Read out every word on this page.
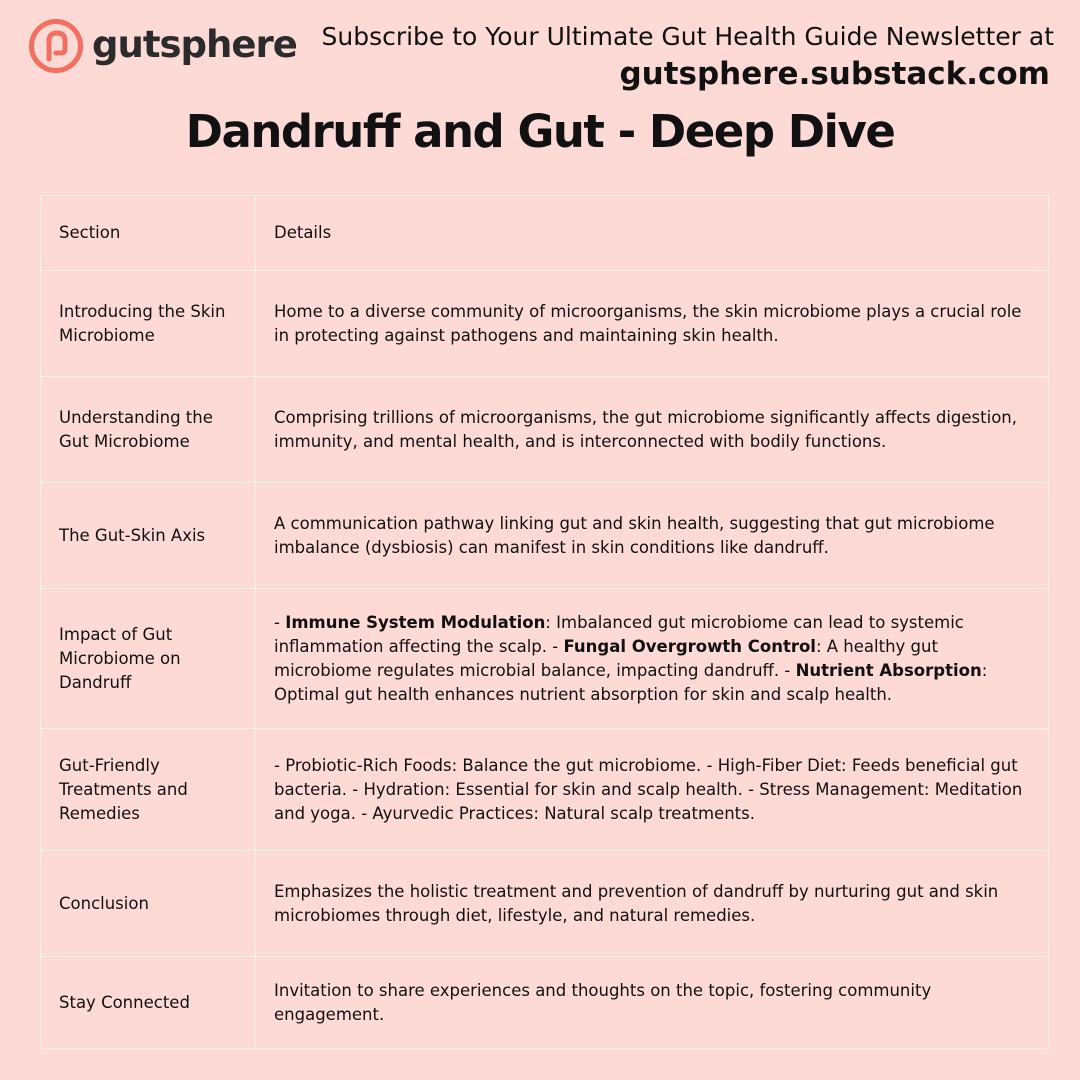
gutsphere Subscribe to Your Ultimate Gut Health Guide Newsletter at
gutsphere.substack.com
Dandruff and Gut - Deep Dive
Section	Details
Introducing the Skin Microbiome	Home to a diverse community of microorganisms, the skin microbiome plays a crucial role in protecting against pathogens and maintaining skin health.
Understanding the Gut Microbiome	Comprising trillions of microorganisms, the gut microbiome significantly affects digestion, immunity, and mental health, and is interconnected with bodily functions.
The Gut-Skin Axis	A communication pathway linking gut and skin health, suggesting that gut microbiome imbalance (dysbiosis) can manifest in skin conditions like dandruff.
Impact of Gut Microbiome on Dandruff	- Immune System Modulation: Imbalanced gut microbiome can lead to systemic inflammation affecting the scalp. - Fungal Overgrowth Control: A healthy gut microbiome regulates microbial balance, impacting dandruff. - Nutrient Absorption: Optimal gut health enhances nutrient absorption for skin and scalp health.
Gut-Friendly Treatments and Remedies	- Probiotic-Rich Foods: Balance the gut microbiome. - High-Fiber Diet: Feeds beneficial gut bacteria. - Hydration: Essential for skin and scalp health. - Stress Management: Meditation and yoga. - Ayurvedic Practices: Natural scalp treatments.
Conclusion	Emphasizes the holistic treatment and prevention of dandruff by nurturing gut and skin microbiomes through diet, lifestyle, and natural remedies.
Stay Connected	Invitation to share experiences and thoughts on the topic, fostering community engagement.
